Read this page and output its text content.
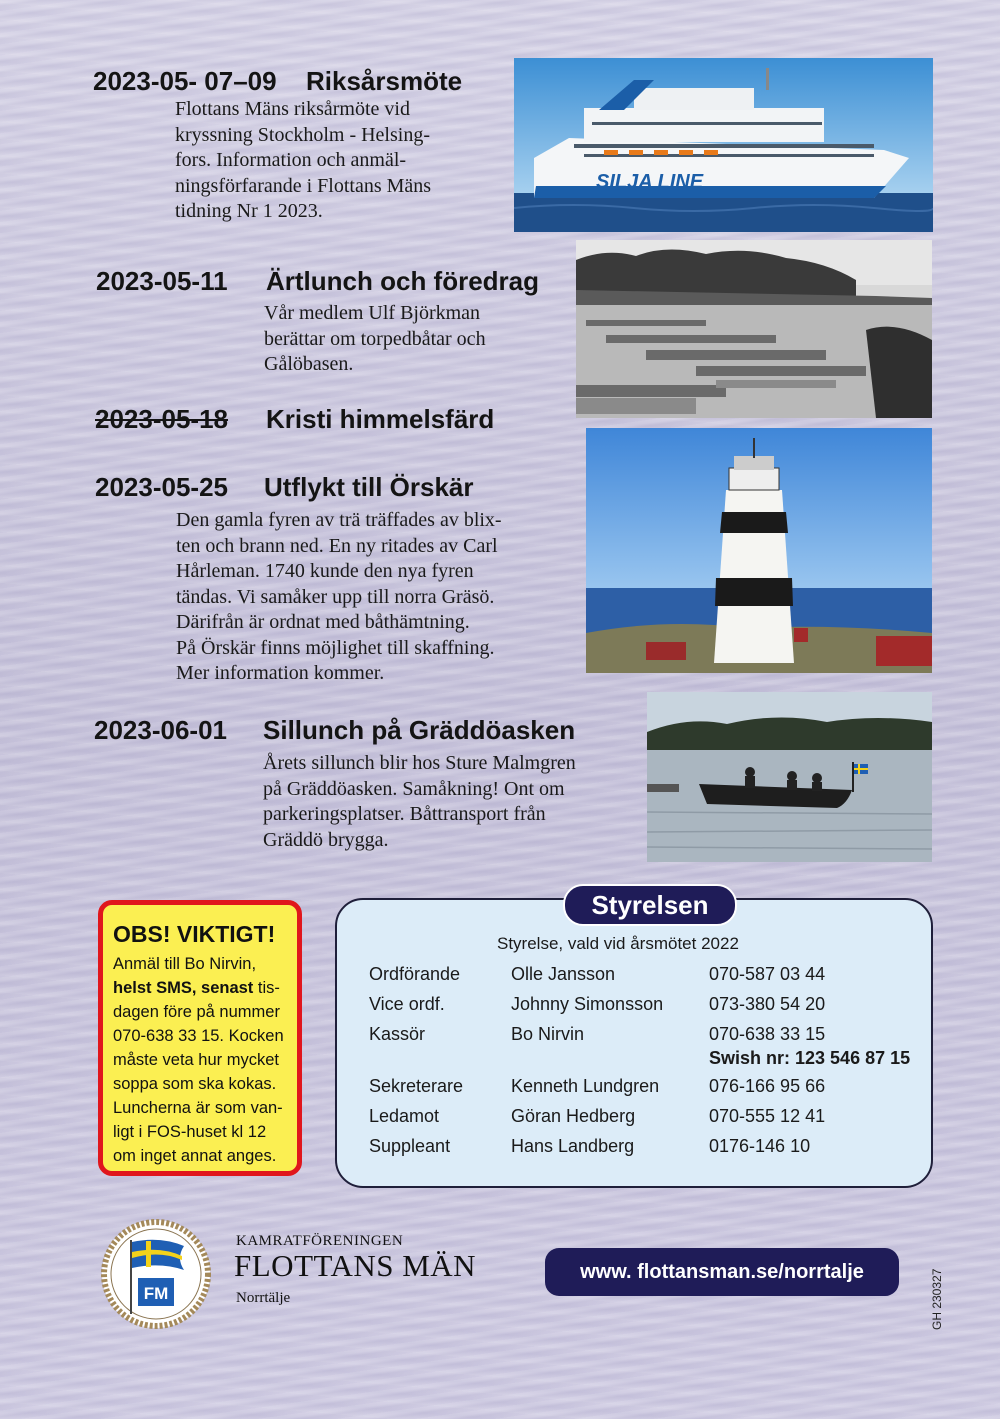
2023-05- 07–09 Riksårsmöte
Flottans Mäns riksårmöte vid
kryssning Stockholm - Helsing-
fors. Information och anmäl-
ningsförfarande i Flottans Mäns
tidning Nr 1 2023.
SILJA LINE
2023-05-11 Ärtlunch och föredrag
Vår medlem Ulf Björkman
berättar om torpedbåtar och
Gålöbasen.
2023-05-18 Kristi himmelsfärd
2023-05-25 Utflykt till Örskär
Den gamla fyren av trä träffades av blix-
ten och brann ned. En ny ritades av Carl
Hårleman. 1740 kunde den nya fyren
tändas. Vi samåker upp till norra Gräsö.
Därifrån är ordnat med båthämtning.
På Örskär finns möjlighet till skaffning.
Mer information kommer.
2023-06-01 Sillunch på Gräddöasken
Årets sillunch blir hos Sture Malmgren
på Gräddöasken. Samåkning! Ont om
parkeringsplatser. Båttransport från
Gräddö brygga.
OBS! VIKTIGT!
Anmäl till Bo Nirvin,
helst SMS, senast tis-dagen före på nummer 070-638 33 15. Kocken måste veta hur mycket soppa som ska kokas. Luncherna är som van-ligt i FOS-huset kl 12 om inget annat anges.
Styrelse, vald vid årsmötet 2022
Ordförande	Olle Jansson	070-587 03 44
Vice ordf.	Johnny Simonsson	073-380 54 20
Kassör	Bo Nirvin	070-638 33 15
Swish nr: 123 546 87 15
Sekreterare	Kenneth Lundgren	076-166 95 66
Ledamot	Göran Hedberg	070-555 12 41
Suppleant	Hans Landberg	0176-146 10
Styrelsen
FM
KAMRATFÖRENINGEN
FLOTTANS MÄN
Norrtälje
www. flottansman.se/norrtalje	GH 230327
